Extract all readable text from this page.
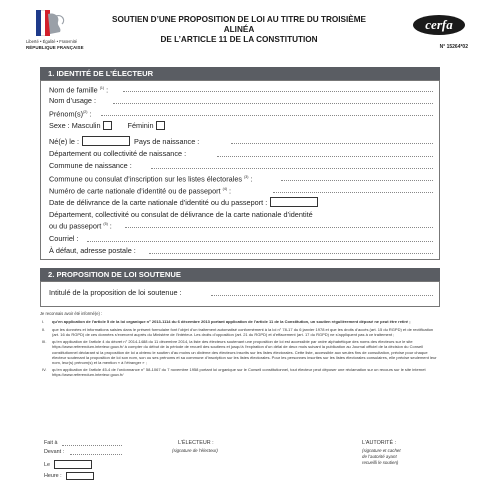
Liberté • Égalité • Fraternité
RÉPUBLIQUE FRANÇAISE
SOUTIEN D’UNE PROPOSITION DE LOI AU TITRE DU TROISIÈME ALINÉA
DE L’ARTICLE 11 DE LA CONSTITUTION
cerfa
N° 15264*02
1. IDENTITÉ DE L’ÉLECTEUR
Nom de famille $^{(1)}$ :
Nom d’usage :
$Prénom(s)^{(2)}$ :
Sexe : Masculin	Féminin
Né(e) le :	Pays de naissance :
Département ou collectivité de naissance :
Commune de naissance :
Commune ou consulat d’inscription sur les listes électorales $^{(3)}$ :
Numéro de carte nationale d’identité ou de passeport $^{(4)}$ :
Date de délivrance de la carte nationale d’identité ou du passeport :
Département, collectivité ou consulat de délivrance de la carte nationale d’identité
ou du passeport $^{(5)}$ :
Courriel :
À défaut, adresse postale :
2. PROPOSITION DE LOI SOUTENUE
Intitulé de la proposition de loi soutenue :
Je reconnais avoir été informé(e) :
I. qu’en application de l’article 5 de la loi organique n° 2013-1114 du 6 décembre 2013 portant application de l’article 11 de la Constitution, un soutien régulièrement déposé ne peut être retiré ;
II. que les données et informations saisies dans le présent formulaire font l’objet d’un traitement automatisé conformément à la loi n° 78-17 du 6 janvier 1978 et que les droits d’accès (art. 15 du RGPD) et de rectification (art. 16 du RGPD) de ces données s’exercent auprès du Ministère de l’intérieur. Les droits d’opposition (art. 21 du RGPD) et d’effacement (art. 17 du RGPD) ne s’appliquent pas à ce traitement ;
III. qu’en application de l’article 4 du décret n° 2014-1488 du 11 décembre 2014, la liste des électeurs soutenant une proposition de loi est accessible par ordre alphabétique des noms des électeurs sur le site https://www.referendum.interieur.gouv.fr/ à compter du début de la période de recueil des soutiens et jusqu’à l’expiration d’un délai de deux mois suivant la publication au Journal officiel de la décision du Conseil constitutionnel déclarant si la proposition de loi a obtenu le soutien d’au moins un dixième des électeurs inscrits sur les listes électorales. Cette liste, accessible aux seules fins de consultation, précise pour chaque électeur soutenant la proposition de loi son nom, son ou ses prénoms et sa commune d’inscription sur les listes électorales. Pour les personnes inscrites sur les listes électorales consulaires, elle précise seulement leur nom, leur(s) prénom(s) et la mention « à l’étranger » ;
IV. qu’en application de l’article 45-4 de l’ordonnance n° 58-1067 du 7 novembre 1958 portant loi organique sur le Conseil constitutionnel, tout électeur peut déposer une réclamation sur un recours sur le site internet https://www.referendum.interieur.gouv.fr/
Fait à
Devant :
Le
Heure :
L’ÉLECTEUR :
(signature de l’électeur)
L’AUTORITÉ :
(signature et cachet
de l’autorité ayant
recueilli le soutien)
